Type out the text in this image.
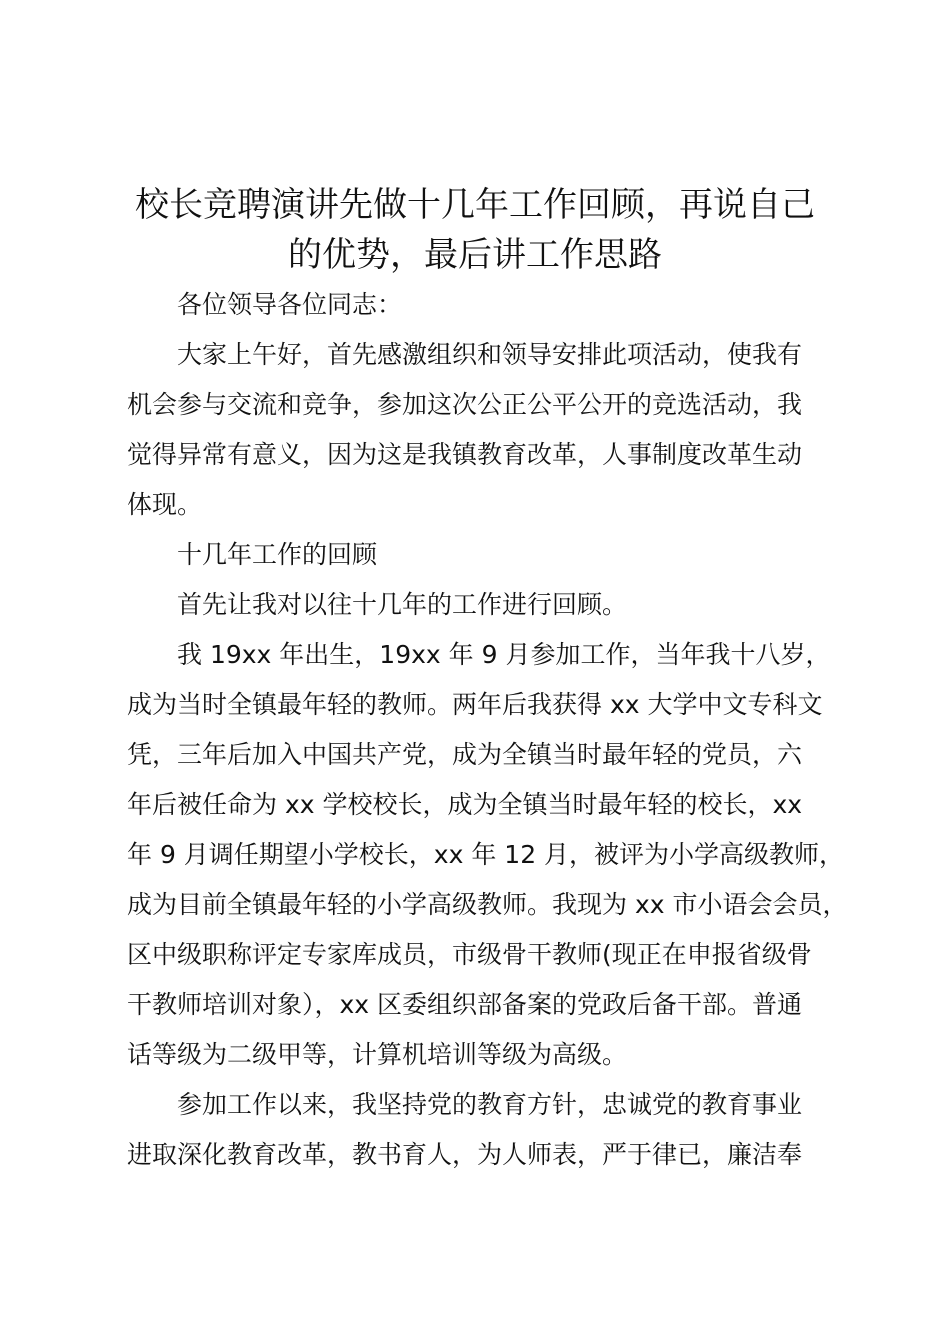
校长竞聘演讲先做十几年工作回顾，再说自己
的优势，最后讲工作思路
各位领导各位同志：
大家上午好，首先感激组织和领导安排此项活动，使我有
机会参与交流和竞争，参加这次公正公平公开的竞选活动，我
觉得异常有意义，因为这是我镇教育改革，人事制度改革生动
体现。
十几年工作的回顾
首先让我对以往十几年的工作进行回顾。
我 19xx 年出生，19xx 年 9 月参加工作，当年我十八岁，
成为当时全镇最年轻的教师。两年后我获得 xx 大学中文专科文
凭，三年后加入中国共产党，成为全镇当时最年轻的党员，六
年后被任命为 xx 学校校长，成为全镇当时最年轻的校长，xx
年 9 月调任期望小学校长，xx 年 12 月，被评为小学高级教师，
成为目前全镇最年轻的小学高级教师。我现为 xx 市小语会会员，
区中级职称评定专家库成员，市级骨干教师(现正在申报省级骨
干教师培训对象），xx 区委组织部备案的党政后备干部。普通
话等级为二级甲等，计算机培训等级为高级。
参加工作以来，我坚持党的教育方针，忠诚党的教育事业
进取深化教育改革，教书育人，为人师表，严于律已，廉洁奉
